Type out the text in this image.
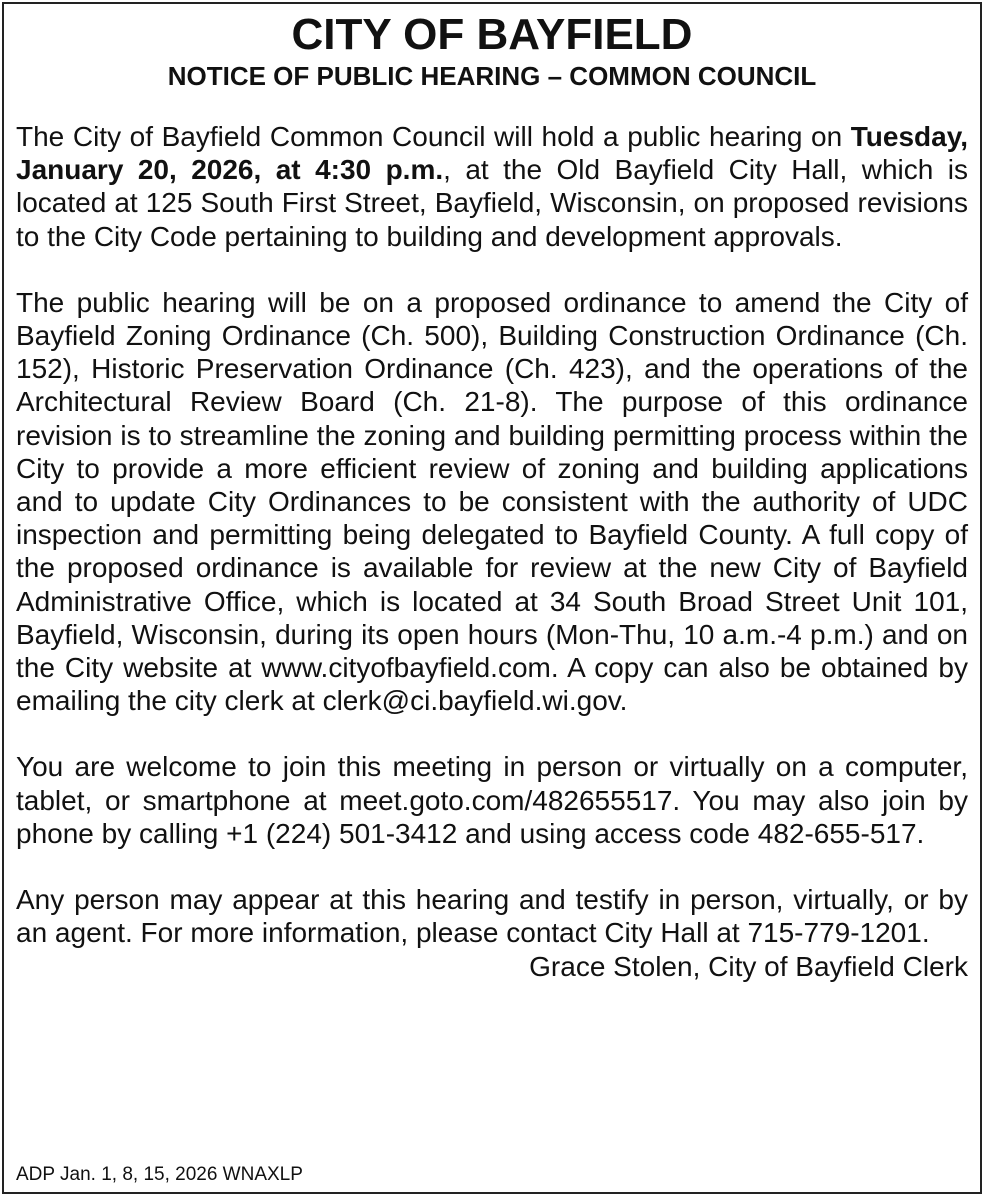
CITY OF BAYFIELD
NOTICE OF PUBLIC HEARING – COMMON COUNCIL

The City of Bayfield Common Council will hold a public hearing on Tuesday, January 20, 2026, at 4:30 p.m., at the Old Bayfield City Hall, which is located at 125 South First Street, Bayfield, Wisconsin, on proposed revisions to the City Code pertaining to building and development approvals.

The public hearing will be on a proposed ordinance to amend the City of Bayfield Zoning Ordinance (Ch. 500), Building Construction Ordinance (Ch. 152), Historic Preservation Ordinance (Ch. 423), and the operations of the Architectural Review Board (Ch. 21-8). The purpose of this ordinance revision is to streamline the zoning and building permitting process within the City to provide a more efficient review of zoning and building applications and to update City Ordinances to be consistent with the authority of UDC inspection and permitting being delegated to Bayfield County. A full copy of the proposed ordinance is available for review at the new City of Bayfield Administrative Office, which is located at 34 South Broad Street Unit 101, Bayfield, Wisconsin, during its open hours (Mon-Thu, 10 a.m.-4 p.m.) and on the City website at www.cityofbayfield.com. A copy can also be obtained by emailing the city clerk at clerk@ci.bayfield.wi.gov.

You are welcome to join this meeting in person or virtually on a computer, tablet, or smartphone at meet.goto.com/482655517. You may also join by phone by calling +1 (224) 501-3412 and using access code 482-655-517.

Any person may appear at this hearing and testify in person, virtually, or by an agent. For more information, please contact City Hall at 715-779-1201.

Grace Stolen, City of Bayfield Clerk
ADP Jan. 1, 8, 15, 2026 WNAXLP
